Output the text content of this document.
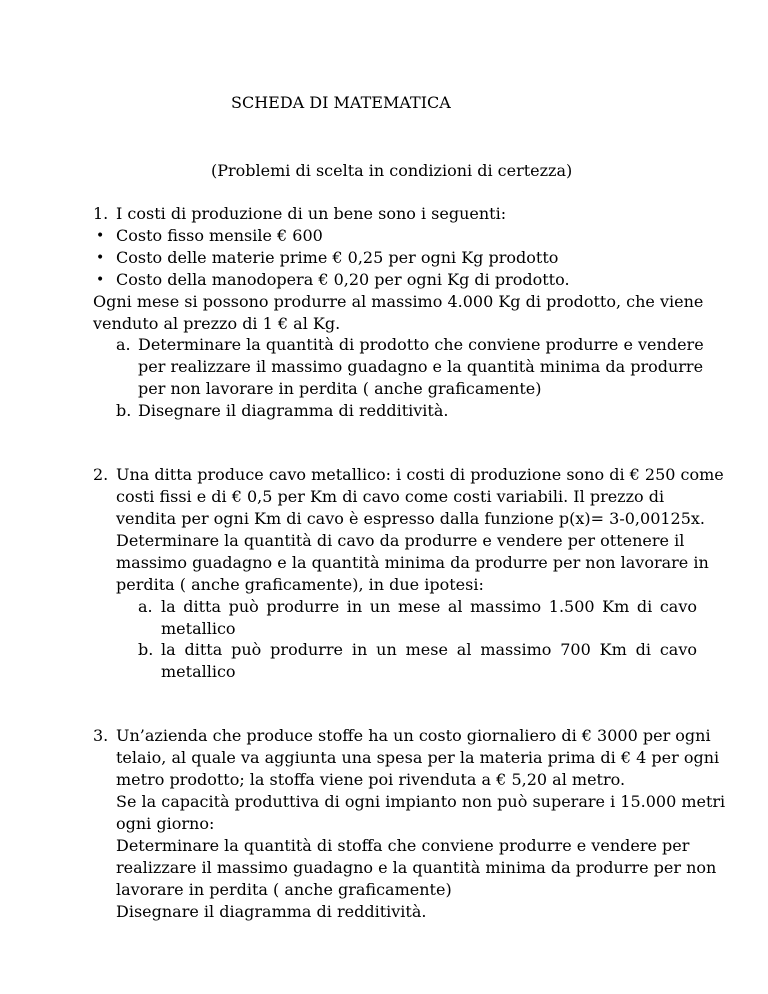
SCHEDA DI MATEMATICA
(Problemi di scelta in condizioni di certezza)
1. I costi di produzione di un bene sono i seguenti:
• Costo fisso mensile € 600
• Costo delle materie prime € 0,25 per ogni Kg prodotto
• Costo della manodopera € 0,20 per ogni Kg di prodotto.
Ogni mese si possono produrre al massimo 4.000 Kg di prodotto, che viene
venduto al prezzo di 1 € al Kg.
a. Determinare la quantità di prodotto che conviene produrre e vendere
per realizzare il massimo guadagno e la quantità minima da produrre
per non lavorare in perdita ( anche graficamente)
b. Disegnare il diagramma di redditività.
2. Una ditta produce cavo metallico: i costi di produzione sono di € 250 come
costi fissi e di € 0,5 per Km di cavo come costi variabili. Il prezzo di
vendita per ogni Km di cavo è espresso dalla funzione p(x)= 3-0,00125x.
Determinare la quantità di cavo da produrre e vendere per ottenere il
massimo guadagno e la quantità minima da produrre per non lavorare in
perdita ( anche graficamente), in due ipotesi:
a. la ditta può produrre in un mese al massimo 1.500 Km di cavo
metallico
b. la ditta può produrre in un mese al massimo 700 Km di cavo
metallico
3. Un’azienda che produce stoffe ha un costo giornaliero di € 3000 per ogni
telaio, al quale va aggiunta una spesa per la materia prima di € 4 per ogni
metro prodotto; la stoffa viene poi rivenduta a € 5,20 al metro.
Se la capacità produttiva di ogni impianto non può superare i 15.000 metri
ogni giorno:
Determinare la quantità di stoffa che conviene produrre e vendere per
realizzare il massimo guadagno e la quantità minima da produrre per non
lavorare in perdita ( anche graficamente)
Disegnare il diagramma di redditività.
